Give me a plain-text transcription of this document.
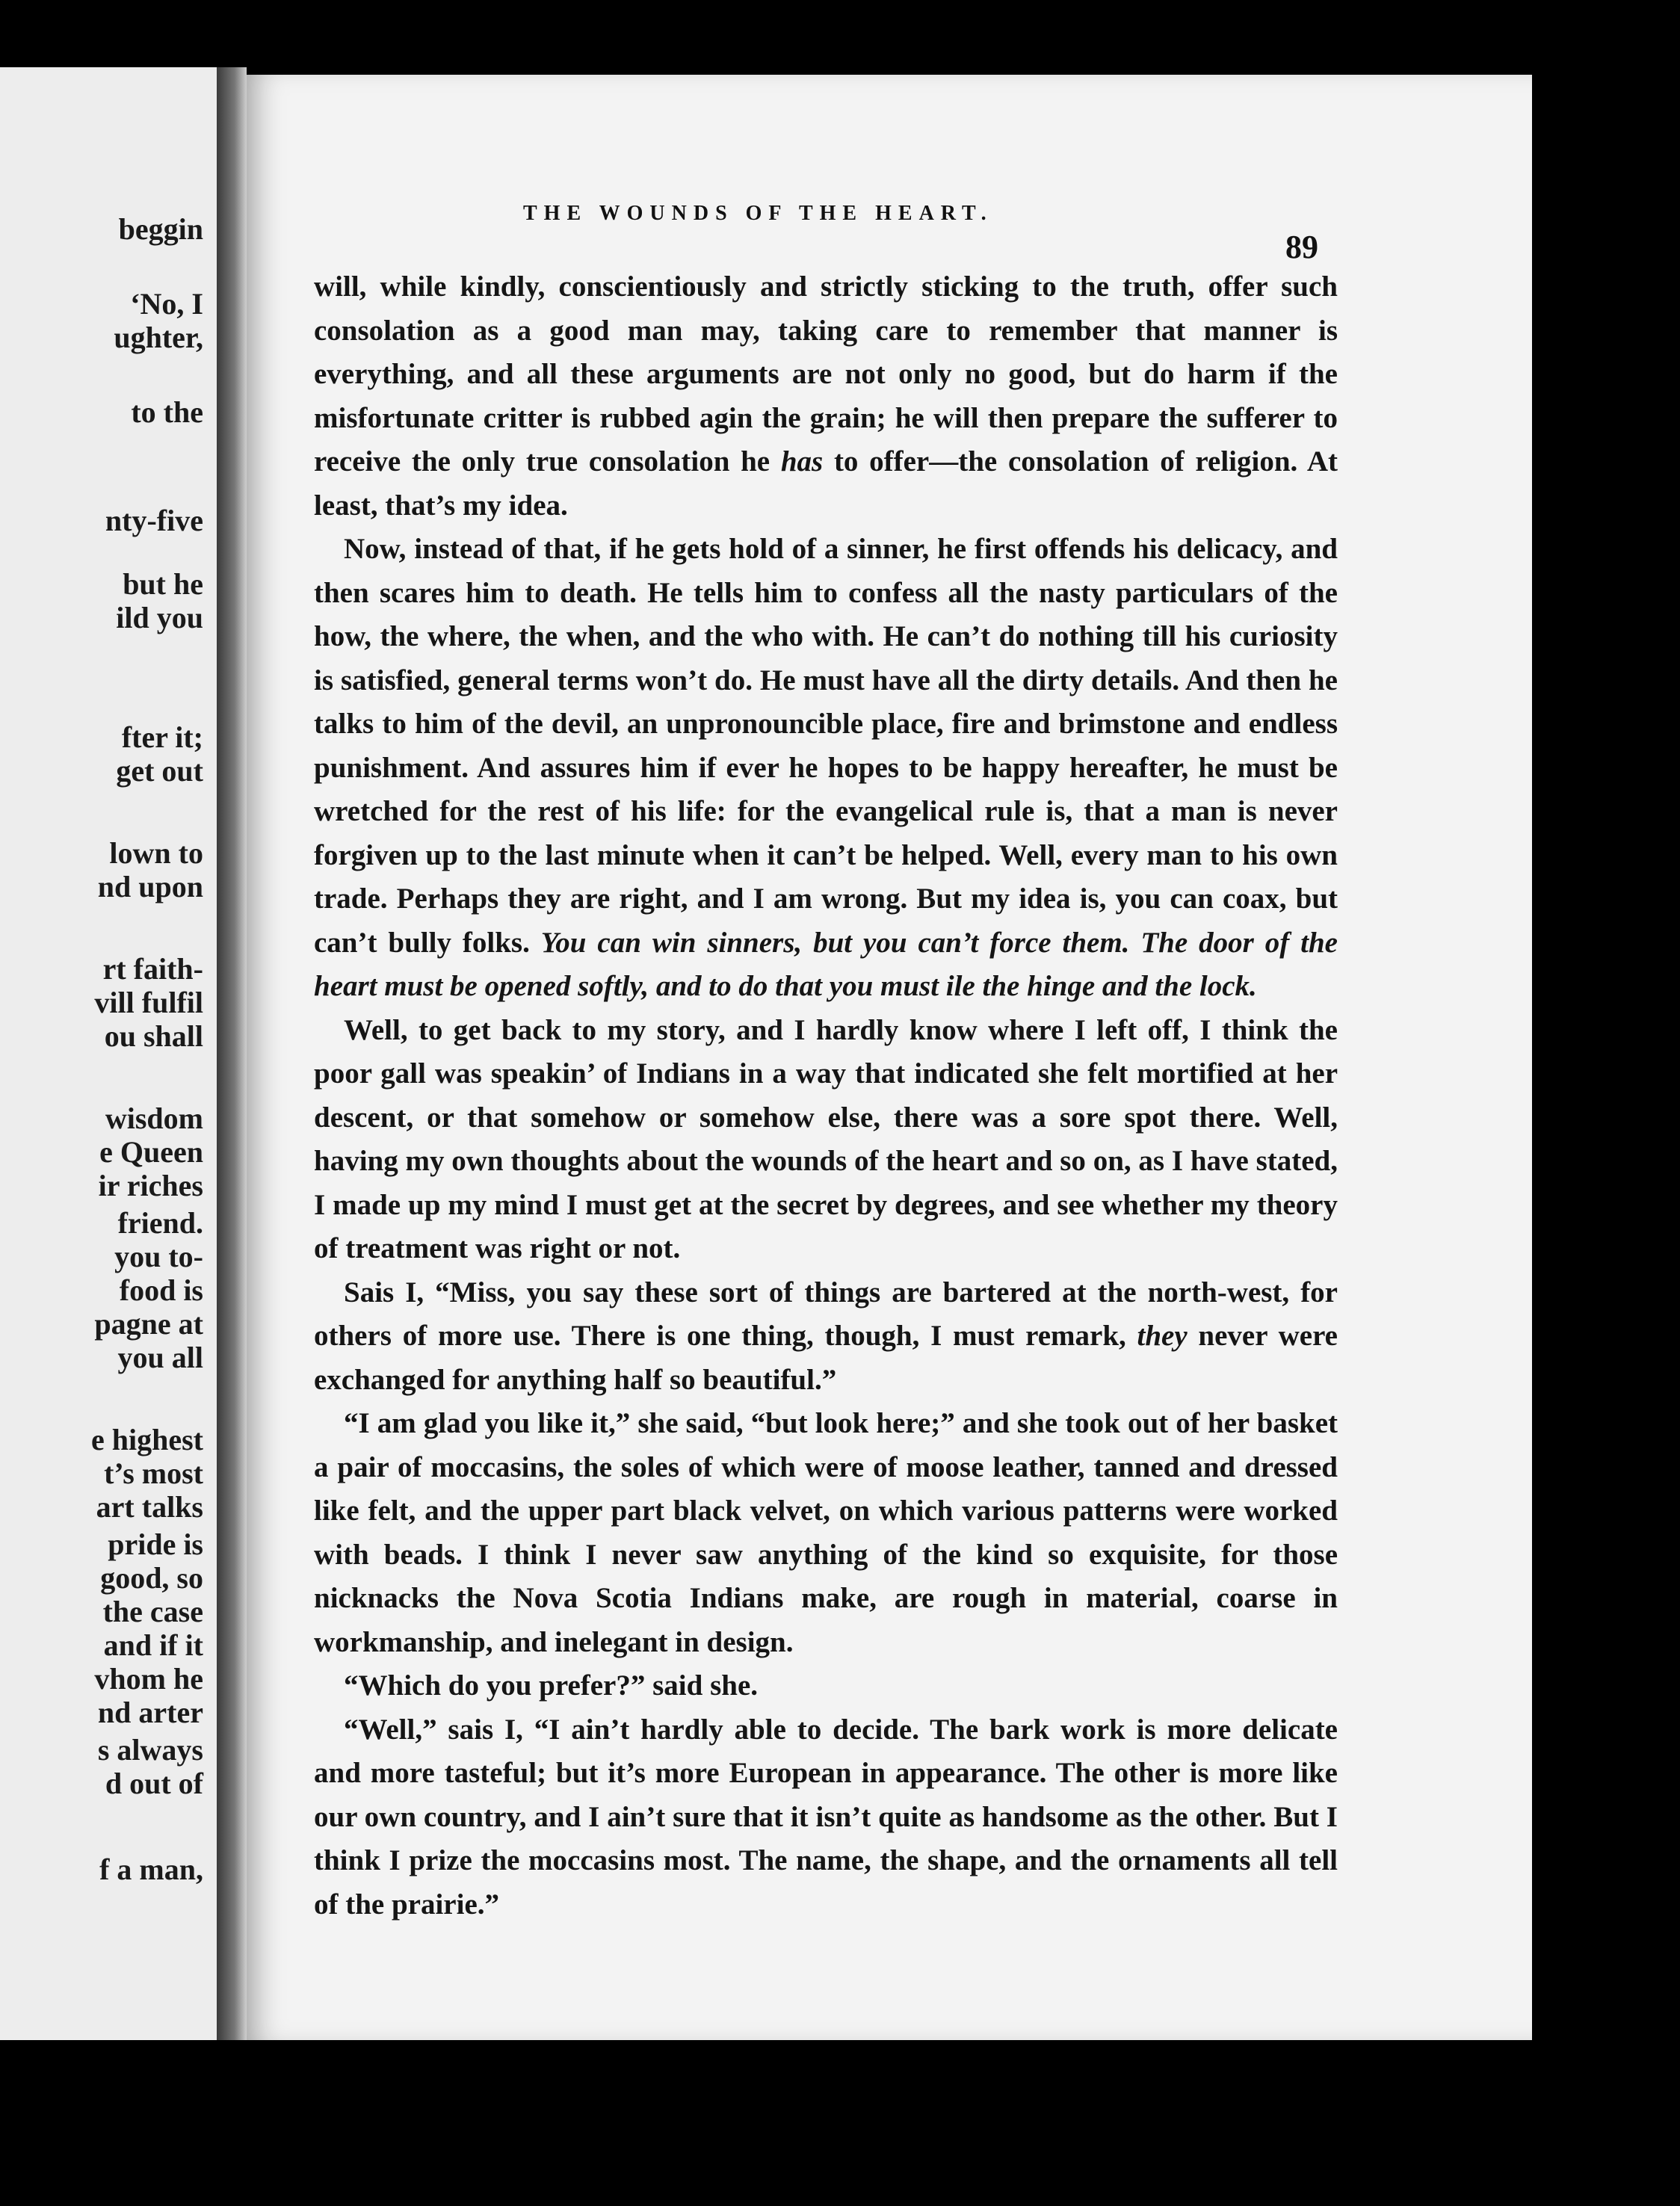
beggin
‘No, I
ughter,
to the
nty-five
but he
ild you
fter it;
get out
lown to
nd upon
rt faith-
vill fulfil
ou shall
wisdom
e Queen
ir riches
friend.
you to-
food is
pagne at
you all
e highest
t’s most
art talks
pride is
good, so
the case
and if it
vhom he
nd arter
s always
d out of
f a man,
THE WOUNDS OF THE HEART.
89

will, while kindly, conscientiously and strictly sticking to the truth, offer such consolation as a good man may, taking care to remember that manner is everything, and all these arguments are not only no good, but do harm if the misfortunate critter is rubbed agin the grain; he will then prepare the sufferer to receive the only true consolation he has to offer—the consolation of religion. At least, that’s my idea.

Now, instead of that, if he gets hold of a sinner, he first offends his delicacy, and then scares him to death. He tells him to confess all the nasty particulars of the how, the where, the when, and the who with. He can’t do nothing till his curiosity is satisfied, general terms won’t do. He must have all the dirty details. And then he talks to him of the devil, an unpronouncible place, fire and brimstone and endless punishment. And assures him if ever he hopes to be happy hereafter, he must be wretched for the rest of his life: for the evangelical rule is, that a man is never forgiven up to the last minute when it can’t be helped. Well, every man to his own trade. Perhaps they are right, and I am wrong. But my idea is, you can coax, but can’t bully folks. You can win sinners, but you can’t force them. The door of the heart must be opened softly, and to do that you must ile the hinge and the lock.

Well, to get back to my story, and I hardly know where I left off, I think the poor gall was speakin’ of Indians in a way that indicated she felt mortified at her descent, or that somehow or somehow else, there was a sore spot there. Well, having my own thoughts about the wounds of the heart and so on, as I have stated, I made up my mind I must get at the secret by degrees, and see whether my theory of treatment was right or not.

Sais I, “Miss, you say these sort of things are bartered at the north-west, for others of more use. There is one thing, though, I must remark, they never were exchanged for anything half so beautiful.”

“I am glad you like it,” she said, “but look here;” and she took out of her basket a pair of moccasins, the soles of which were of moose leather, tanned and dressed like felt, and the upper part black velvet, on which various patterns were worked with beads. I think I never saw anything of the kind so exquisite, for those nicknacks the Nova Scotia Indians make, are rough in material, coarse in workmanship, and inelegant in design.

“Which do you prefer?” said she.

“Well,” sais I, “I ain’t hardly able to decide. The bark work is more delicate and more tasteful; but it’s more European in appearance. The other is more like our own country, and I ain’t sure that it isn’t quite as handsome as the other. But I think I prize the moccasins most. The name, the shape, and the ornaments all tell of the prairie.”
